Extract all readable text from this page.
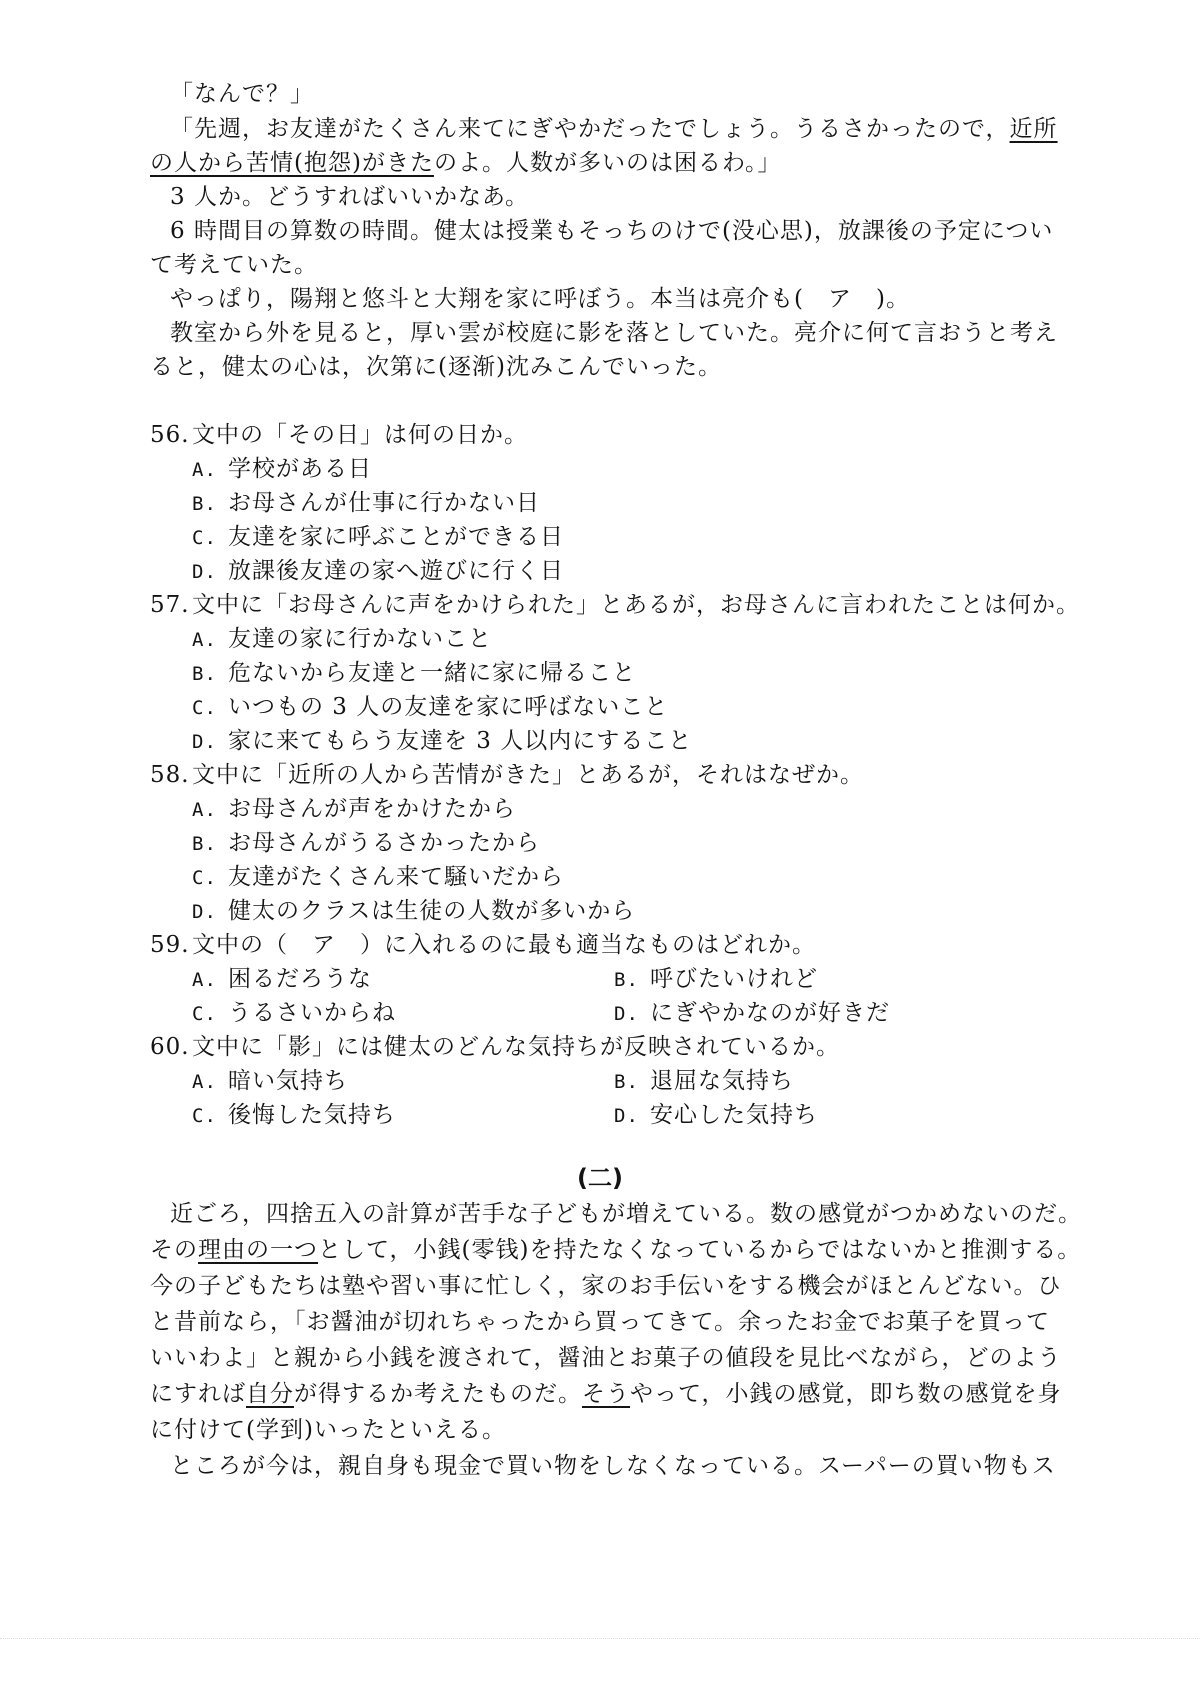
「なんで？」
「先週，お友達がたくさん来てにぎやかだったでしょう。うるさかったので，近所
の人から苦情(抱怨)がきたのよ。人数が多いのは困るわ。」
3 人か。どうすればいいかなあ。
6 時間目の算数の時間。健太は授業もそっちのけで(没心思)，放課後の予定につい
て考えていた。
やっぱり，陽翔と悠斗と大翔を家に呼ぼう。本当は亮介も(　ア　)。
教室から外を見ると，厚い雲が校庭に影を落としていた。亮介に何て言おうと考え
ると，健太の心は，次第に(逐渐)沈みこんでいった。
56. 文中の「その日」は何の日か。
A. 学校がある日
B. お母さんが仕事に行かない日
C. 友達を家に呼ぶことができる日
D. 放課後友達の家へ遊びに行く日
57. 文中に「お母さんに声をかけられた」とあるが，お母さんに言われたことは何か。
A. 友達の家に行かないこと
B. 危ないから友達と一緒に家に帰ること
C. いつもの 3 人の友達を家に呼ばないこと
D. 家に来てもらう友達を 3 人以内にすること
58. 文中に「近所の人から苦情がきた」とあるが，それはなぜか。
A. お母さんが声をかけたから
B. お母さんがうるさかったから
C. 友達がたくさん来て騒いだから
D. 健太のクラスは生徒の人数が多いから
59. 文中の（　ア　）に入れるのに最も適当なものはどれか。
A. 困るだろうな	B. 呼びたいけれど
C. うるさいからね	D. にぎやかなのが好きだ
60. 文中に「影」には健太のどんな気持ちが反映されているか。
A. 暗い気持ち	B. 退屈な気持ち
C. 後悔した気持ち	D. 安心した気持ち
(二)
近ごろ，四捨五入の計算が苦手な子どもが増えている。数の感覚がつかめないのだ。
その理由の一つとして，小銭(零钱)を持たなくなっているからではないかと推測する。
今の子どもたちは塾や習い事に忙しく，家のお手伝いをする機会がほとんどない。ひ
と昔前なら，「お醤油が切れちゃったから買ってきて。余ったお金でお菓子を買って
いいわよ」と親から小銭を渡されて，醤油とお菓子の値段を見比べながら，どのよう
にすれば自分が得するか考えたものだ。そうやって，小銭の感覚，即ち数の感覚を身
に付けて(学到)いったといえる。
ところが今は，親自身も現金で買い物をしなくなっている。スーパーの買い物もス
